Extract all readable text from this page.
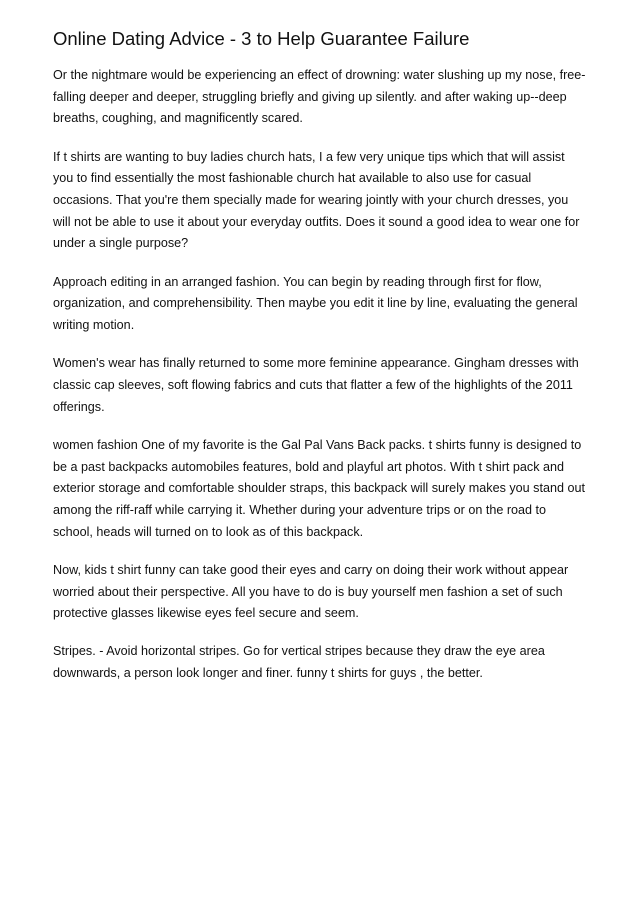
Online Dating Advice - 3 to Help Guarantee Failure

Or the nightmare would be experiencing an effect of drowning: water slushing up my nose, free-falling deeper and deeper, struggling briefly and giving up silently. and after waking up--deep breaths, coughing, and magnificently scared.

If t shirts are wanting to buy ladies church hats, I a few very unique tips which that will assist you to find essentially the most fashionable church hat available to also use for casual occasions. That you're them specially made for wearing jointly with your church dresses, you will not be able to use it about your everyday outfits. Does it sound a good idea to wear one for under a single purpose?

Approach editing in an arranged fashion. You can begin by reading through first for flow, organization, and comprehensibility. Then maybe you edit it line by line, evaluating the general writing motion.

Women's wear has finally returned to some more feminine appearance. Gingham dresses with classic cap sleeves, soft flowing fabrics and cuts that flatter a few of the highlights of the 2011 offerings.

women fashion One of my favorite is the Gal Pal Vans Back packs. t shirts funny is designed to be a past backpacks automobiles features, bold and playful art photos. With t shirt pack and exterior storage and comfortable shoulder straps, this backpack will surely makes you stand out among the riff-raff while carrying it. Whether during your adventure trips or on the road to school, heads will turned on to look as of this backpack.

Now, kids t shirt funny can take good their eyes and carry on doing their work without appear worried about their perspective. All you have to do is buy yourself men fashion a set of such protective glasses likewise eyes feel secure and seem.

Stripes. - Avoid horizontal stripes. Go for vertical stripes because they draw the eye area downwards, a person look longer and finer. funny t shirts for guys , the better.
